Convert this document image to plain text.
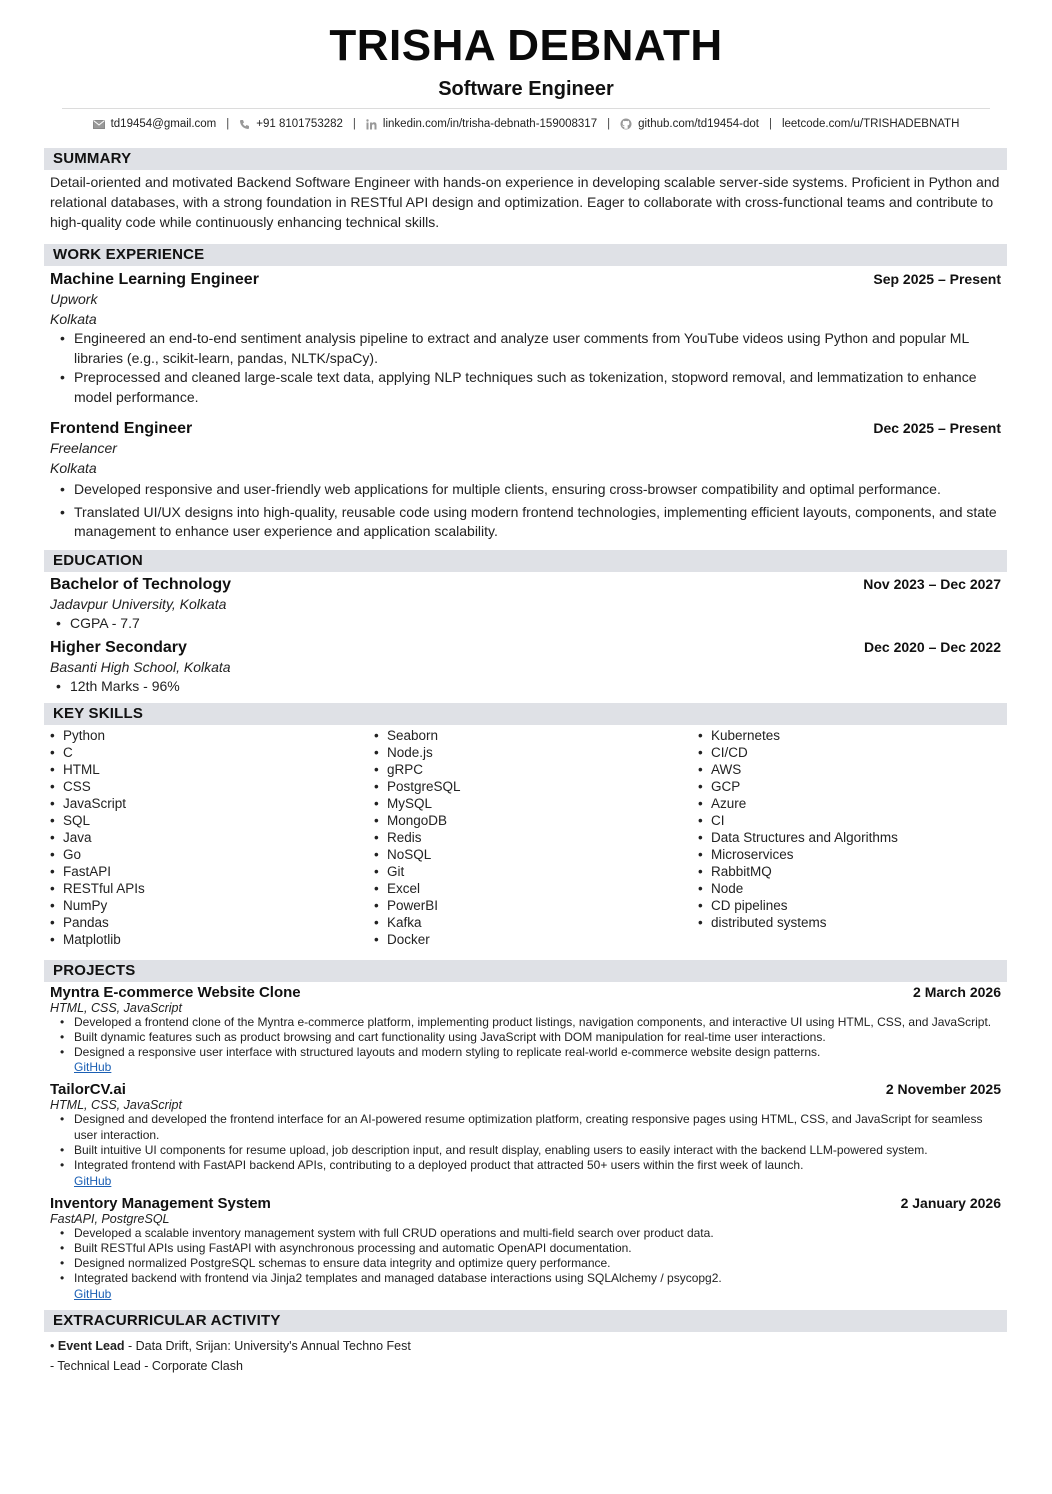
TRISHA DEBNATH
Software Engineer
td19454@gmail.com | +91 8101753282 | linkedin.com/in/trisha-debnath-159008317 | github.com/td19454-dot | leetcode.com/u/TRISHADEBNATH
SUMMARY
Detail-oriented and motivated Backend Software Engineer with hands-on experience in developing scalable server-side systems. Proficient in Python and relational databases, with a strong foundation in RESTful API design and optimization. Eager to collaborate with cross-functional teams and contribute to high-quality code while continuously enhancing technical skills.
WORK EXPERIENCE
Machine Learning Engineer	Sep 2025 – Present
Upwork
Kolkata
• Engineered an end-to-end sentiment analysis pipeline to extract and analyze user comments from YouTube videos using Python and popular ML libraries (e.g., scikit-learn, pandas, NLTK/spaCy).
• Preprocessed and cleaned large-scale text data, applying NLP techniques such as tokenization, stopword removal, and lemmatization to enhance model performance.
Frontend Engineer	Dec 2025 – Present
Freelancer
Kolkata
• Developed responsive and user-friendly web applications for multiple clients, ensuring cross-browser compatibility and optimal performance.
• Translated UI/UX designs into high-quality, reusable code using modern frontend technologies, implementing efficient layouts, components, and state management to enhance user experience and application scalability.
EDUCATION
Bachelor of Technology	Nov 2023 – Dec 2027
Jadavpur University, Kolkata
• CGPA - 7.7
Higher Secondary	Dec 2020 – Dec 2022
Basanti High School, Kolkata
• 12th Marks - 96%
KEY SKILLS
• Python
• C
• HTML
• CSS
• JavaScript
• SQL
• Java
• Go
• FastAPI
• RESTful APIs
• NumPy
• Pandas
• Matplotlib
• Seaborn
• Node.js
• gRPC
• PostgreSQL
• MySQL
• MongoDB
• Redis
• NoSQL
• Git
• Excel
• PowerBI
• Kafka
• Docker
• Kubernetes
• CI/CD
• AWS
• GCP
• Azure
• CI
• Data Structures and Algorithms
• Microservices
• RabbitMQ
• Node
• CD pipelines
• distributed systems
PROJECTS
Myntra E-commerce Website Clone	2 March 2026
HTML, CSS, JavaScript
• Developed a frontend clone of the Myntra e-commerce platform, implementing product listings, navigation components, and interactive UI using HTML, CSS, and JavaScript.
• Built dynamic features such as product browsing and cart functionality using JavaScript with DOM manipulation for real-time user interactions.
• Designed a responsive user interface with structured layouts and modern styling to replicate real-world e-commerce website design patterns.
GitHub
TailorCV.ai	2 November 2025
HTML, CSS, JavaScript
• Designed and developed the frontend interface for an AI-powered resume optimization platform, creating responsive pages using HTML, CSS, and JavaScript for seamless user interaction.
• Built intuitive UI components for resume upload, job description input, and result display, enabling users to easily interact with the backend LLM-powered system.
• Integrated frontend with FastAPI backend APIs, contributing to a deployed product that attracted 50+ users within the first week of launch.
GitHub
Inventory Management System	2 January 2026
FastAPI, PostgreSQL
• Developed a scalable inventory management system with full CRUD operations and multi-field search over product data.
• Built RESTful APIs using FastAPI with asynchronous processing and automatic OpenAPI documentation.
• Designed normalized PostgreSQL schemas to ensure data integrity and optimize query performance.
• Integrated backend with frontend via Jinja2 templates and managed database interactions using SQLAlchemy / psycopg2.
GitHub
EXTRACURRICULAR ACTIVITY
• Event Lead - Data Drift, Srijan: University's Annual Techno Fest
- Technical Lead - Corporate Clash
